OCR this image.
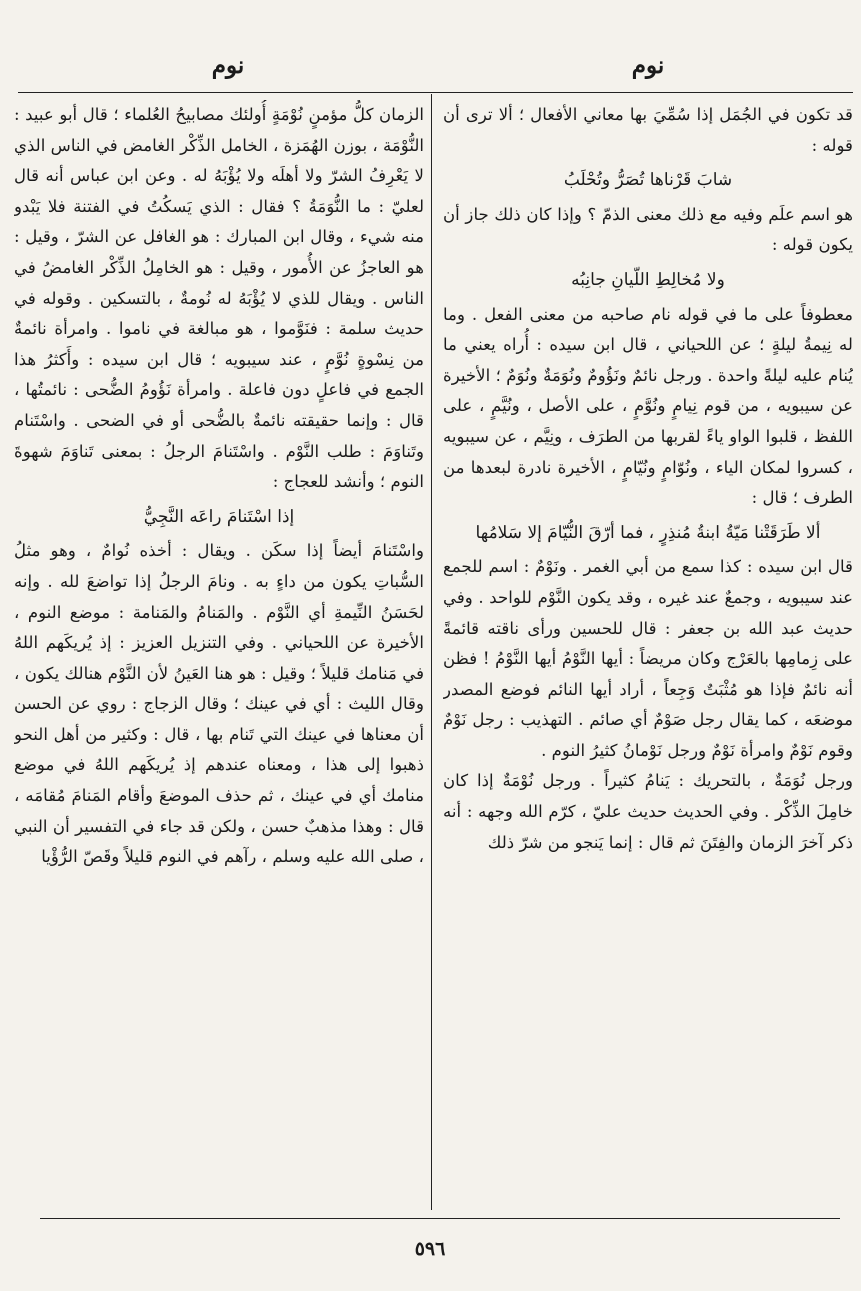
نوم
نوم

قد تكون في الجُمَل إذا سُمِّيَ بها معاني الأفعال ؛ ألا ترى أن قوله :

شابَ قَرْناها تُصَرُّ وتُحْلَبُ

هو اسم علَم وفيه مع ذلك معنى الذمّ ؟ وإذا كان ذلك جاز أن يكون قوله :

ولا مُخالِطِ اللّيانِ جانِبُه

معطوفاً على ما في قوله نام صاحبه من معنى الفعل . وما له نِيمةُ ليلةٍ ؛ عن اللحياني ، قال ابن سيده : أُراه يعني ما يُنام عليه ليلةً واحدة . ورجل نائمٌ ونَؤُومٌ ونُوَمَةٌ ونُوَمٌ ؛ الأخيرة عن سيبويه ، من قوم نِيامٍ ونُوَّمٍ ، على الأصل ، ونُيَّمٍ ، على اللفظ ، قلبوا الواو ياءً لقربها من الطرَف ، ونِيَّم ، عن سيبويه ، كسروا لمكان الياء ، ونُوّامٍ ونُيّامٍ ، الأخيرة نادرة لبعدها من الطرف ؛ قال :

ألا طَرَقَتْنا مَيّةُ ابنةُ مُنذِرٍ ، فما أرّقَ النُّيّامَ إلا سَلامُها

قال ابن سيده : كذا سمع من أبي الغمر . ونَوْمٌ : اسم للجمع عند سيبويه ، وجمعٌ عند غيره ، وقد يكون النَّوْم للواحد . وفي حديث عبد الله بن جعفر : قال للحسين ورأى ناقته قائمةً على زِمامِها بالعَرْج وكان مريضاً : أيها النَّوْمُ أيها النَّوْمُ ! فظن أنه نائمٌ فإذا هو مُثْبَتٌ وَجِعاً ، أراد أيها النائم فوضع المصدر موضعَه ، كما يقال رجل صَوْمٌ أي صائم . التهذيب : رجل نَوْمٌ وقوم نَوْمٌ وامرأة نَوْمٌ ورجل نَوْمانُ كثيرُ النوم .

ورجل نُوَمَةٌ ، بالتحريك : يَنامُ كثيراً . ورجل نُوْمَةٌ إذا كان خامِلَ الذِّكْر . وفي الحديث حديث عليّ ، كرّم الله وجهه : أنه ذكر آخرَ الزمان والفِتَنَ ثم قال : إنما يَنجو من شرّ ذلك

الزمان كلُّ مؤمنٍ نُوْمَةٍ أُولئك مصابيحُ العُلماء ؛ قال أبو عبيد : النُّوْمَة ، بوزن الهُمَزة ، الخامل الذِّكْر الغامض في الناس الذي لا يَعْرِفُ الشرّ ولا أهلَه ولا يُؤْبَهُ له . وعن ابن عباس أنه قال لعليّ : ما النُّوَمَةُ ؟ فقال : الذي يَسكُتُ في الفتنة فلا يَبْدو منه شيء ، وقال ابن المبارك : هو الغافل عن الشرّ ، وقيل : هو العاجزُ عن الأُمور ، وقيل : هو الخامِلُ الذِّكْر الغامضُ في الناس . ويقال للذي لا يُؤْبَهُ له نُومةٌ ، بالتسكين . وقوله في حديث سلمة : فنَوَّموا ، هو مبالغة في ناموا . وامرأة نائمةٌ من نِسْوةٍ نُوَّمٍ ، عند سيبويه ؛ قال ابن سيده : وأَكثرُ هذا الجمع في فاعلٍ دون فاعلة . وامرأة نَؤُومُ الضُّحى : نائمتُها ، قال : وإنما حقيقته نائمةٌ بالضُّحى أو في الضحى . واسْتَنام وتَناوَمَ : طلب النَّوْم . واسْتَنامَ الرجلُ : بمعنى تَناوَمَ شهوةَ النوم ؛ وأنشد للعجاج :

إذا اسْتَنامَ راعَه النَّجِيُّ

واسْتَنامَ أيضاً إذا سكَن . ويقال : أخذه نُوامٌ ، وهو مثلُ السُّباتِ يكون من داءٍ به . ونامَ الرجلُ إذا تواضعَ لله . وإنه لحَسَنُ النِّيمةِ أي النَّوْم . والمَنامُ والمَنامة : موضع النوم ، الأخيرة عن اللحياني . وفي التنزيل العزيز : إذ يُريكَهم اللهُ في مَنامك قليلاً ؛ وقيل : هو هنا العَينُ لأن النَّوْم هنالك يكون ، وقال الليث : أي في عينك ؛ وقال الزجاج : روي عن الحسن أن معناها في عينك التي تَنام بها ، قال : وكثير من أهل النحو ذهبوا إلى هذا ، ومعناه عندهم إذ يُريكَهم اللهُ في موضع منامك أي في عينك ، ثم حذف الموضعَ وأقام المَنامَ مُقامَه ، قال : وهذا مذهبٌ حسن ، ولكن قد جاء في التفسير أن النبي ، صلى الله عليه وسلم ، رآهم في النوم قليلاً وقَصّ الرُّؤْيا

٥٩٦
